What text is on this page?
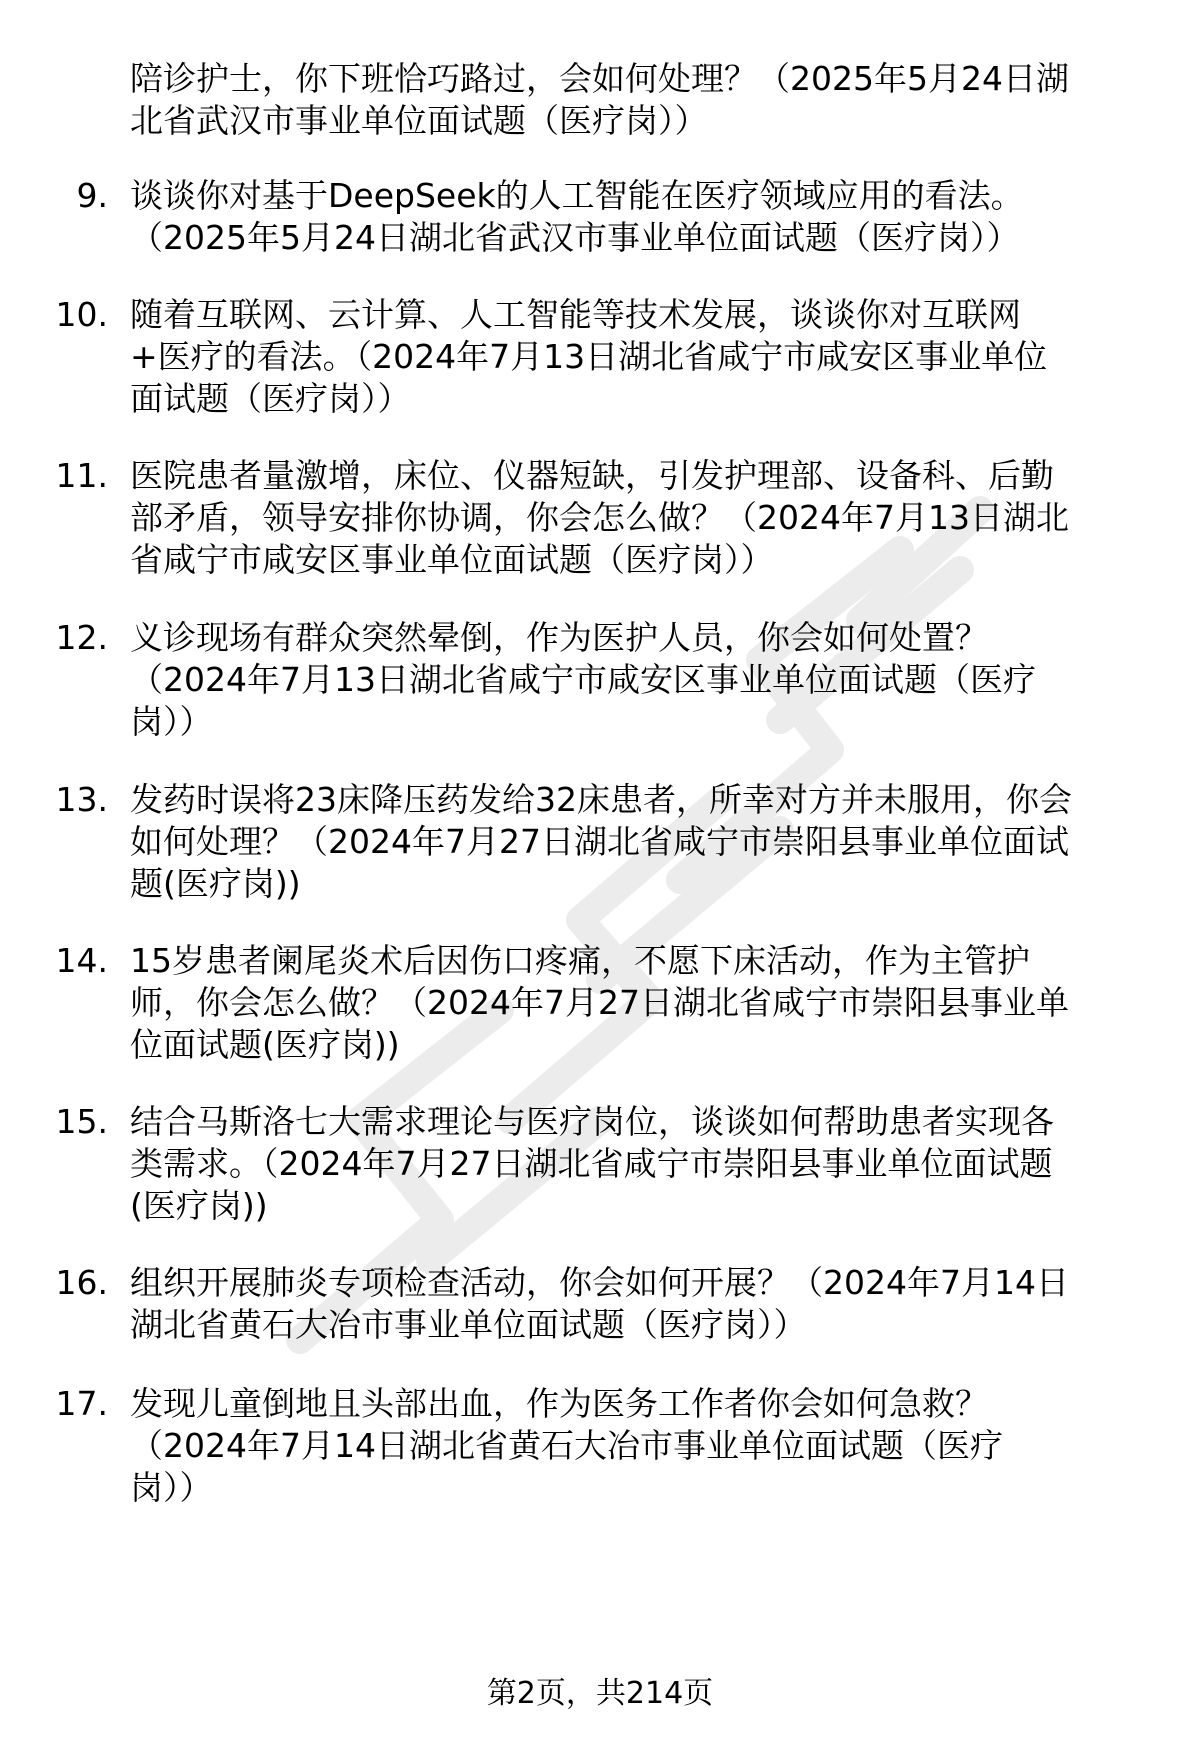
陪诊护士，你下班恰巧路过，会如何处理？（2025年5月24日湖
北省武汉市事业单位面试题（医疗岗））
9. 谈谈你对基于DeepSeek的人工智能在医疗领域应用的看法。
（2025年5月24日湖北省武汉市事业单位面试题（医疗岗））
10. 随着互联网、云计算、人工智能等技术发展，谈谈你对互联网
+医疗的看法。（2024年7月13日湖北省咸宁市咸安区事业单位
面试题（医疗岗））
11. 医院患者量激增，床位、仪器短缺，引发护理部、设备科、后勤
部矛盾，领导安排你协调，你会怎么做？（2024年7月13日湖北
省咸宁市咸安区事业单位面试题（医疗岗））
12. 义诊现场有群众突然晕倒，作为医护人员，你会如何处置？
（2024年7月13日湖北省咸宁市咸安区事业单位面试题（医疗
岗））
13. 发药时误将23床降压药发给32床患者，所幸对方并未服用，你会
如何处理？（2024年7月27日湖北省咸宁市崇阳县事业单位面试
题(医疗岗))
14. 15岁患者阑尾炎术后因伤口疼痛，不愿下床活动，作为主管护
师，你会怎么做？（2024年7月27日湖北省咸宁市崇阳县事业单
位面试题(医疗岗))
15. 结合马斯洛七大需求理论与医疗岗位，谈谈如何帮助患者实现各
类需求。（2024年7月27日湖北省咸宁市崇阳县事业单位面试题
(医疗岗))
16. 组织开展肺炎专项检查活动，你会如何开展？（2024年7月14日
湖北省黄石大冶市事业单位面试题（医疗岗））
17. 发现儿童倒地且头部出血，作为医务工作者你会如何急救？
（2024年7月14日湖北省黄石大冶市事业单位面试题（医疗
岗））
第2页，共214页
